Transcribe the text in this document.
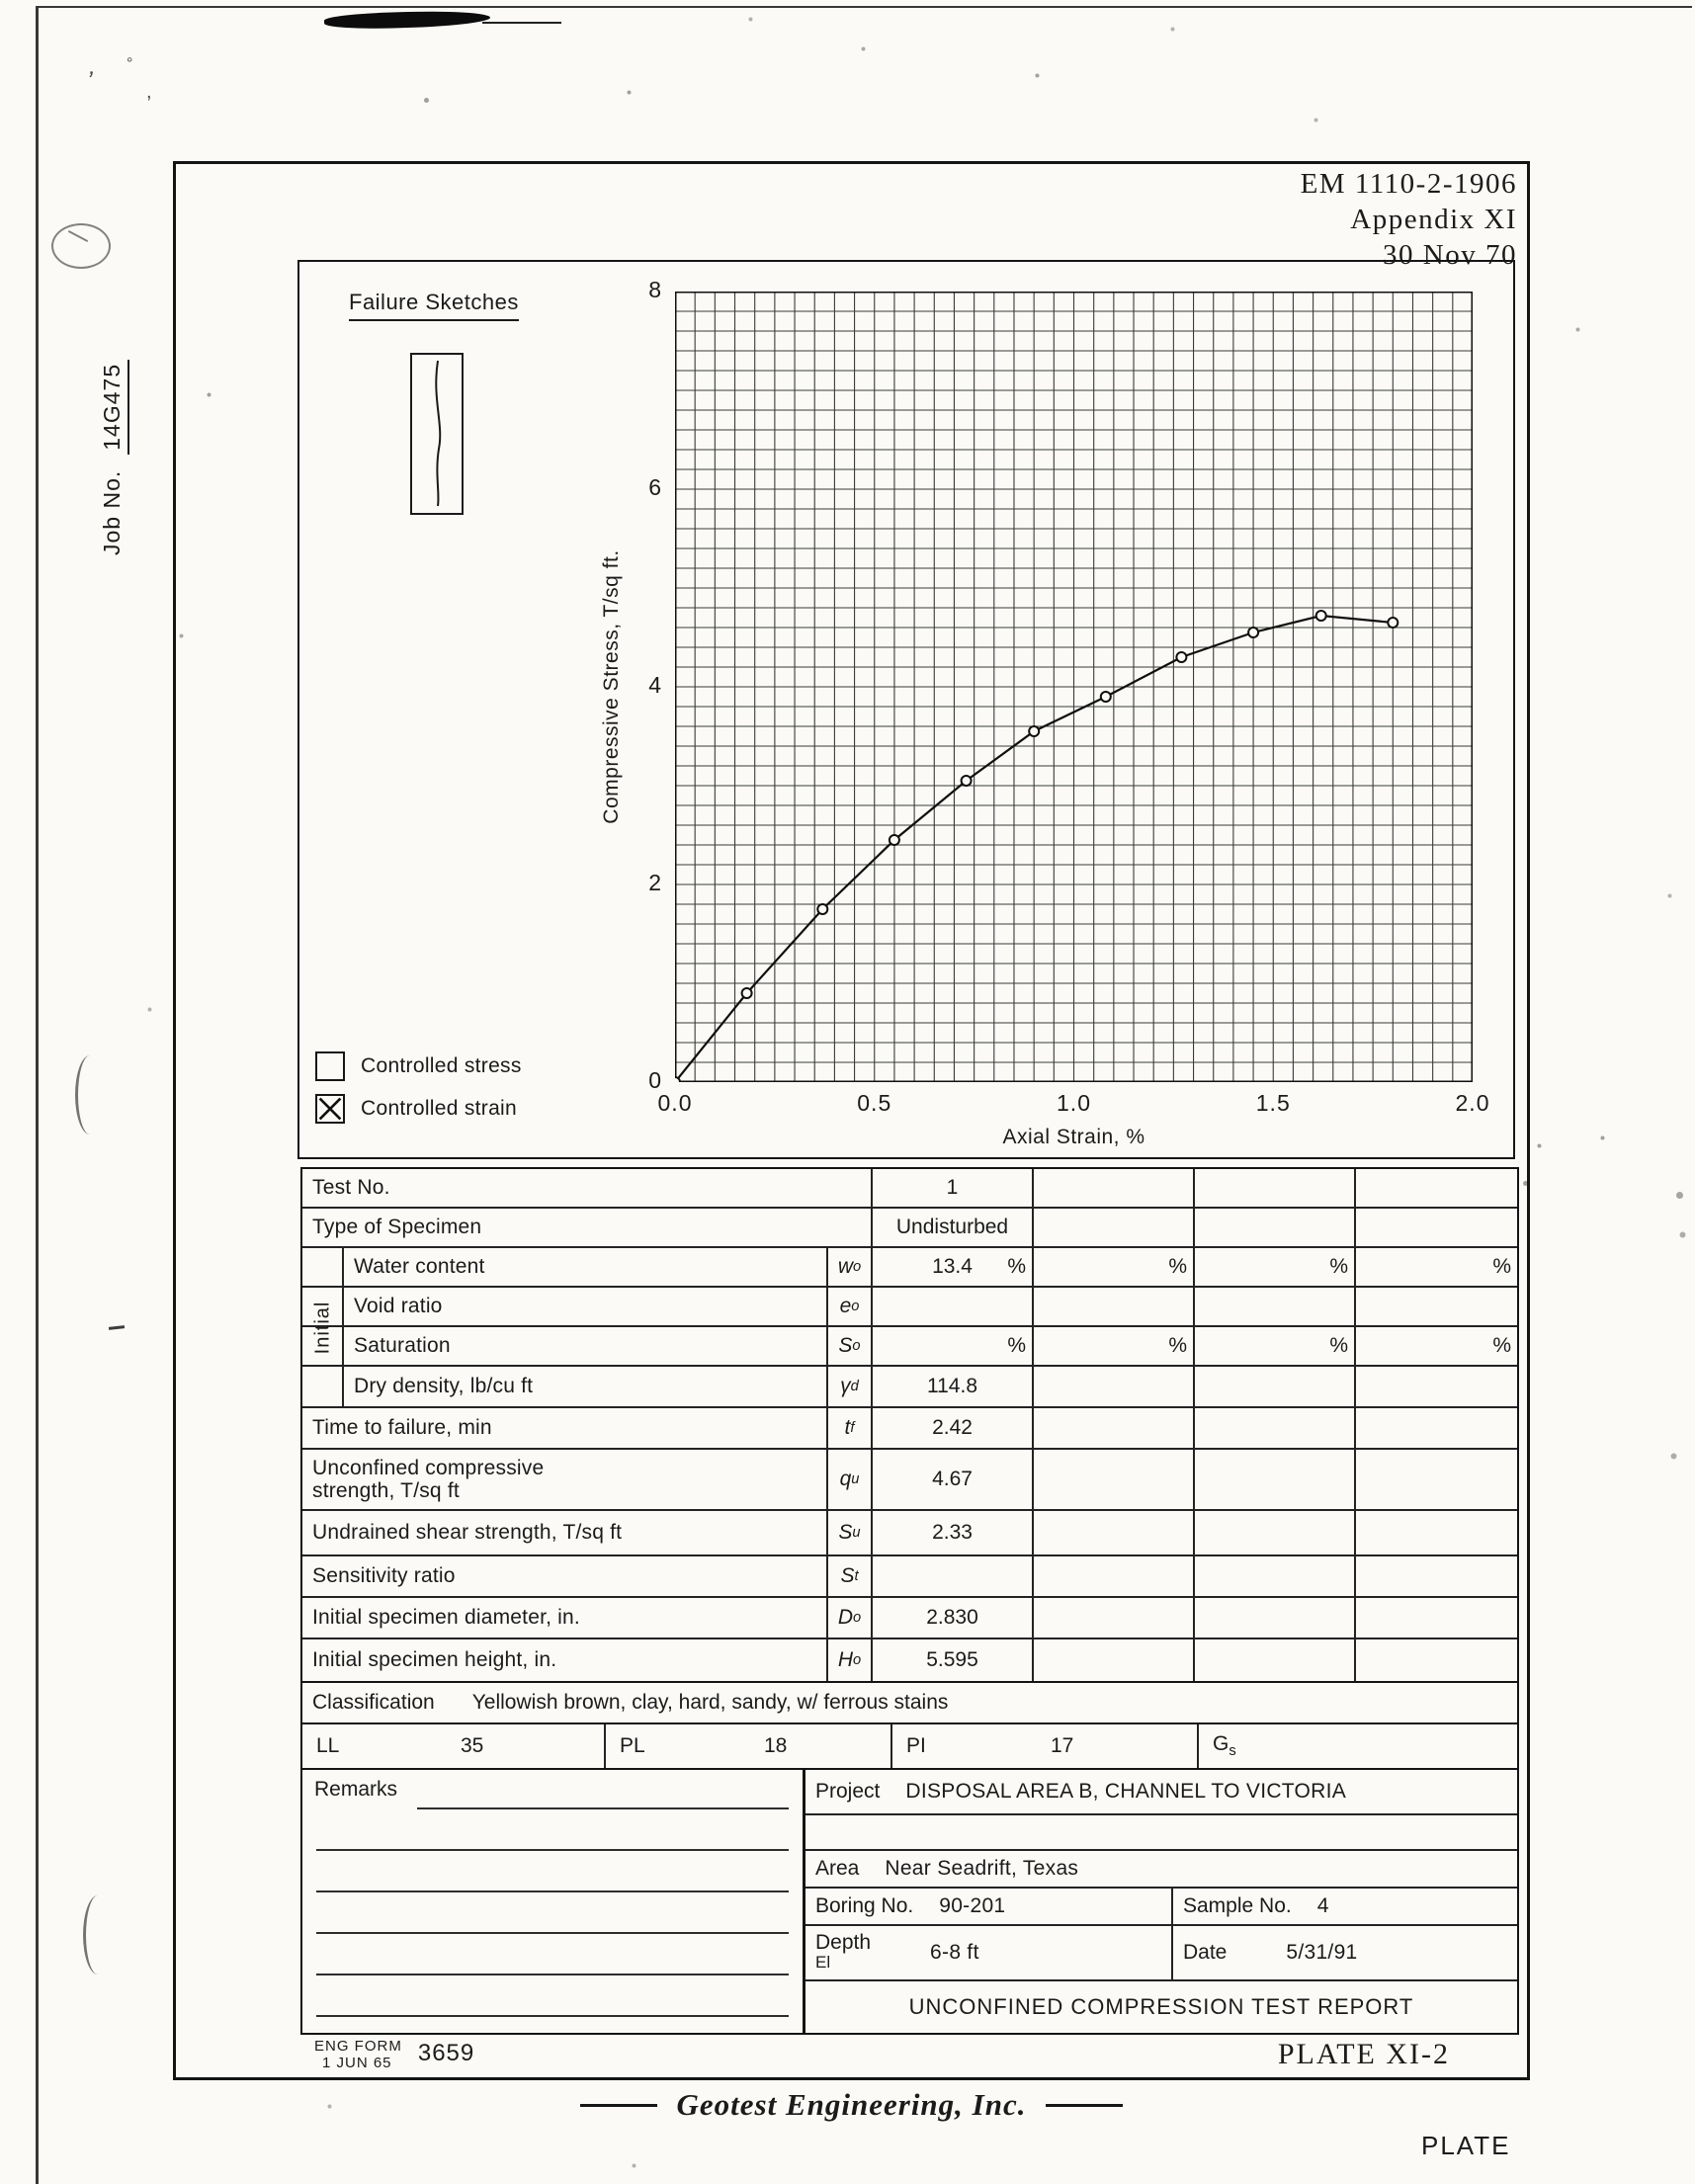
’	,
°
Job No.
14G475
EM 1110-2-1906
Appendix XI
30 Nov 70
Failure Sketches
0
2
4
6
8
0.0	0.5	1.0	1.5	2.0
Compressive Stress, T/sq ft.
Axial Strain, %
Controlled stress
Controlled strain
Initial
Test No.	1
Type of Specimen	Undisturbed
Water content	w o	13.4 %	%	%	%
Void ratio	e o
Saturation	S o	%	%	%	%
Dry density, lb/cu ft	γ d	114.8
Time to failure, min	t f	2.42
Unconfined compressive
strength, T/sq ft
q u	4.67
Undrained shear strength, T/sq ft	S u	2.33
Sensitivity ratio	S t
Initial specimen diameter, in.	D o	2.830
Initial specimen height, in.	H o	5.595
Classification Yellowish brown, clay, hard, sandy, w/ ferrous stains
LL	35	PL	18	PI	17	$G_s$
Remarks	Project DISPOSAL AREA B, CHANNEL TO VICTORIA
Area Near Seadrift, Texas
Boring No. 90-201	Sample No. 4
Depth
El	6-8 ft	Date	5/31/91
UNCONFINED COMPRESSION TEST REPORT
ENG FORM
1 JUN 65	3659	PLATE XI-2
Geotest Engineering, Inc.
PLATE
